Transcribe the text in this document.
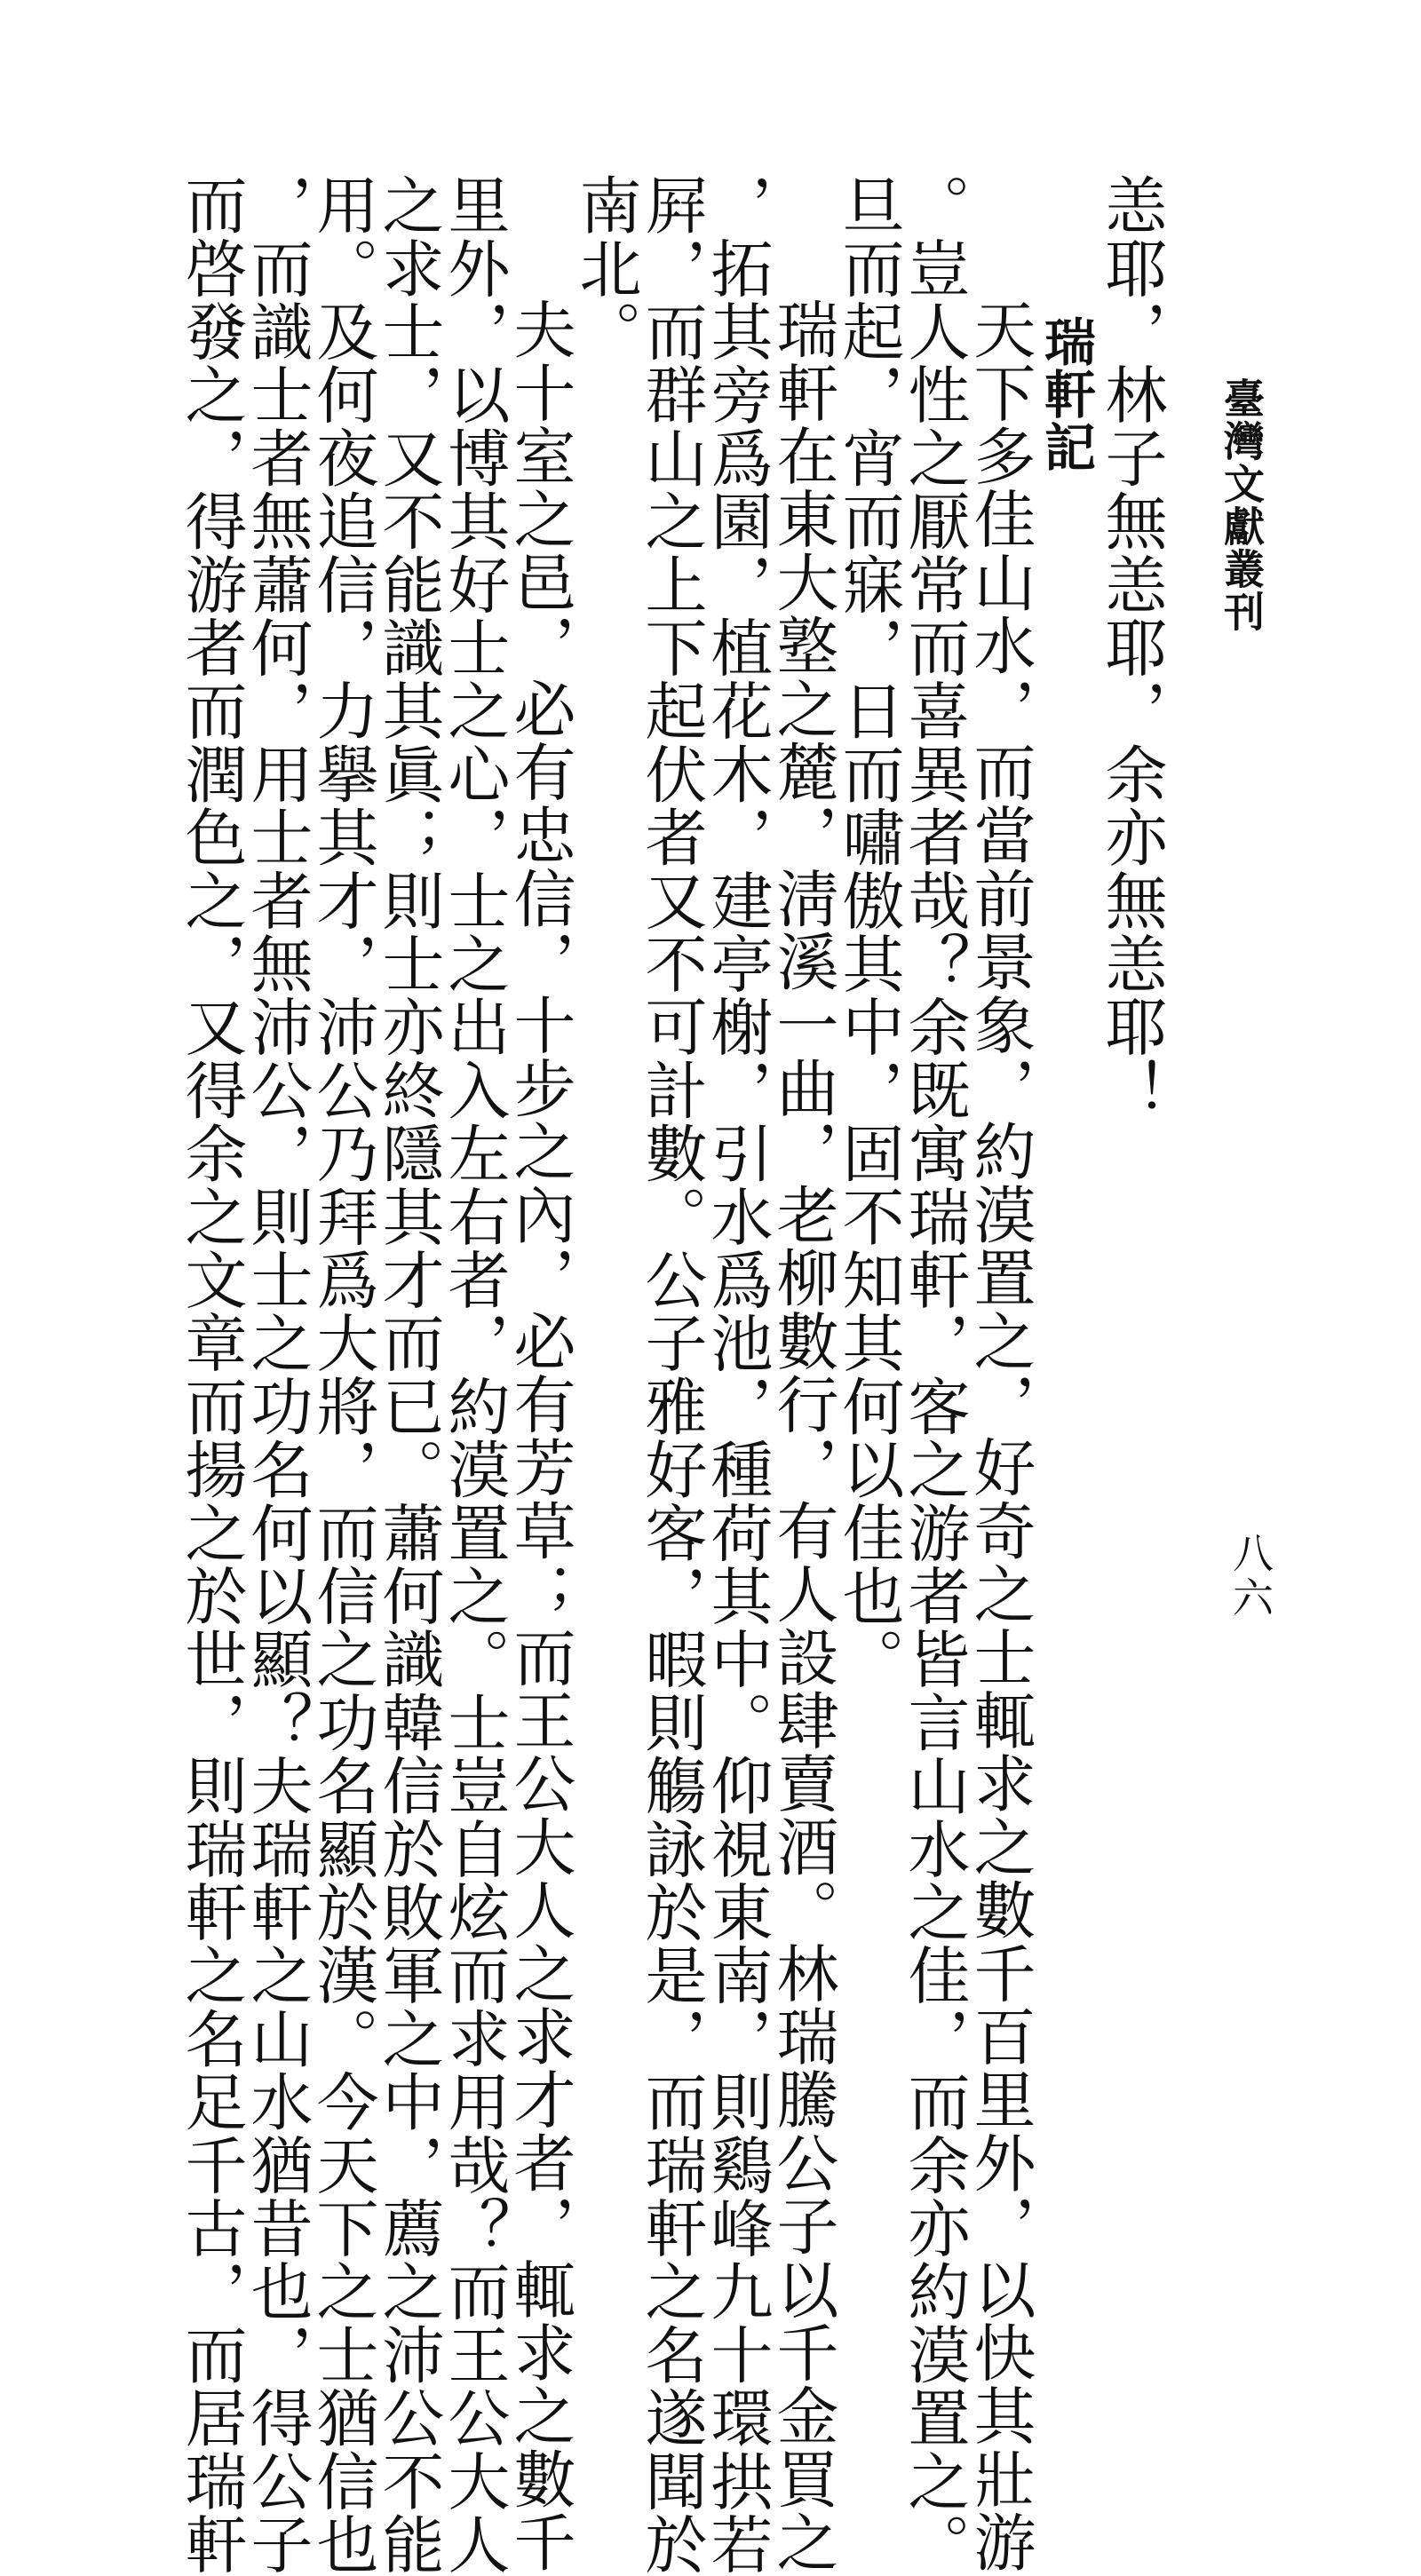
臺灣文獻叢刊
八六
恙耶，林子無恙耶，余亦無恙耶！
瑞軒記
天下多佳山水，而當前景象，約漠置之，好奇之士輒求之數千百里外，以快其壯游
。豈人性之厭常而喜異者哉？余既寓瑞軒，客之游者皆言山水之佳，而余亦約漠置之。
旦而起，宵而寐，日而嘯傲其中，固不知其何以佳也。
瑞軒在東大墪之麓，淸溪一曲，老柳數行，有人設肆賣酒。林瑞騰公子以千金買之
，拓其旁爲園，植花木，建亭榭，引水爲池，種荷其中。仰視東南，則鷄峰九十環拱若
屛，而群山之上下起伏者又不可計數。公子雅好客，暇則觴詠於是，而瑞軒之名遂聞於
南北。
夫十室之邑，必有忠信，十步之內，必有芳草；而王公大人之求才者，輒求之數千
里外，以博其好士之心，士之出入左右者，約漠置之。士豈自炫而求用哉？而王公大人
之求士，又不能識其眞；則士亦終隱其才而已。蕭何識韓信於敗軍之中，薦之沛公不能
用。及何夜追信，力擧其才，沛公乃拜爲大將，而信之功名顯於漢。今天下之士猶信也
，而識士者無蕭何，用士者無沛公，則士之功名何以顯？夫瑞軒之山水猶昔也，得公子
而啓發之，得游者而潤色之，又得余之文章而揚之於世，則瑞軒之名足千古，而居瑞軒
